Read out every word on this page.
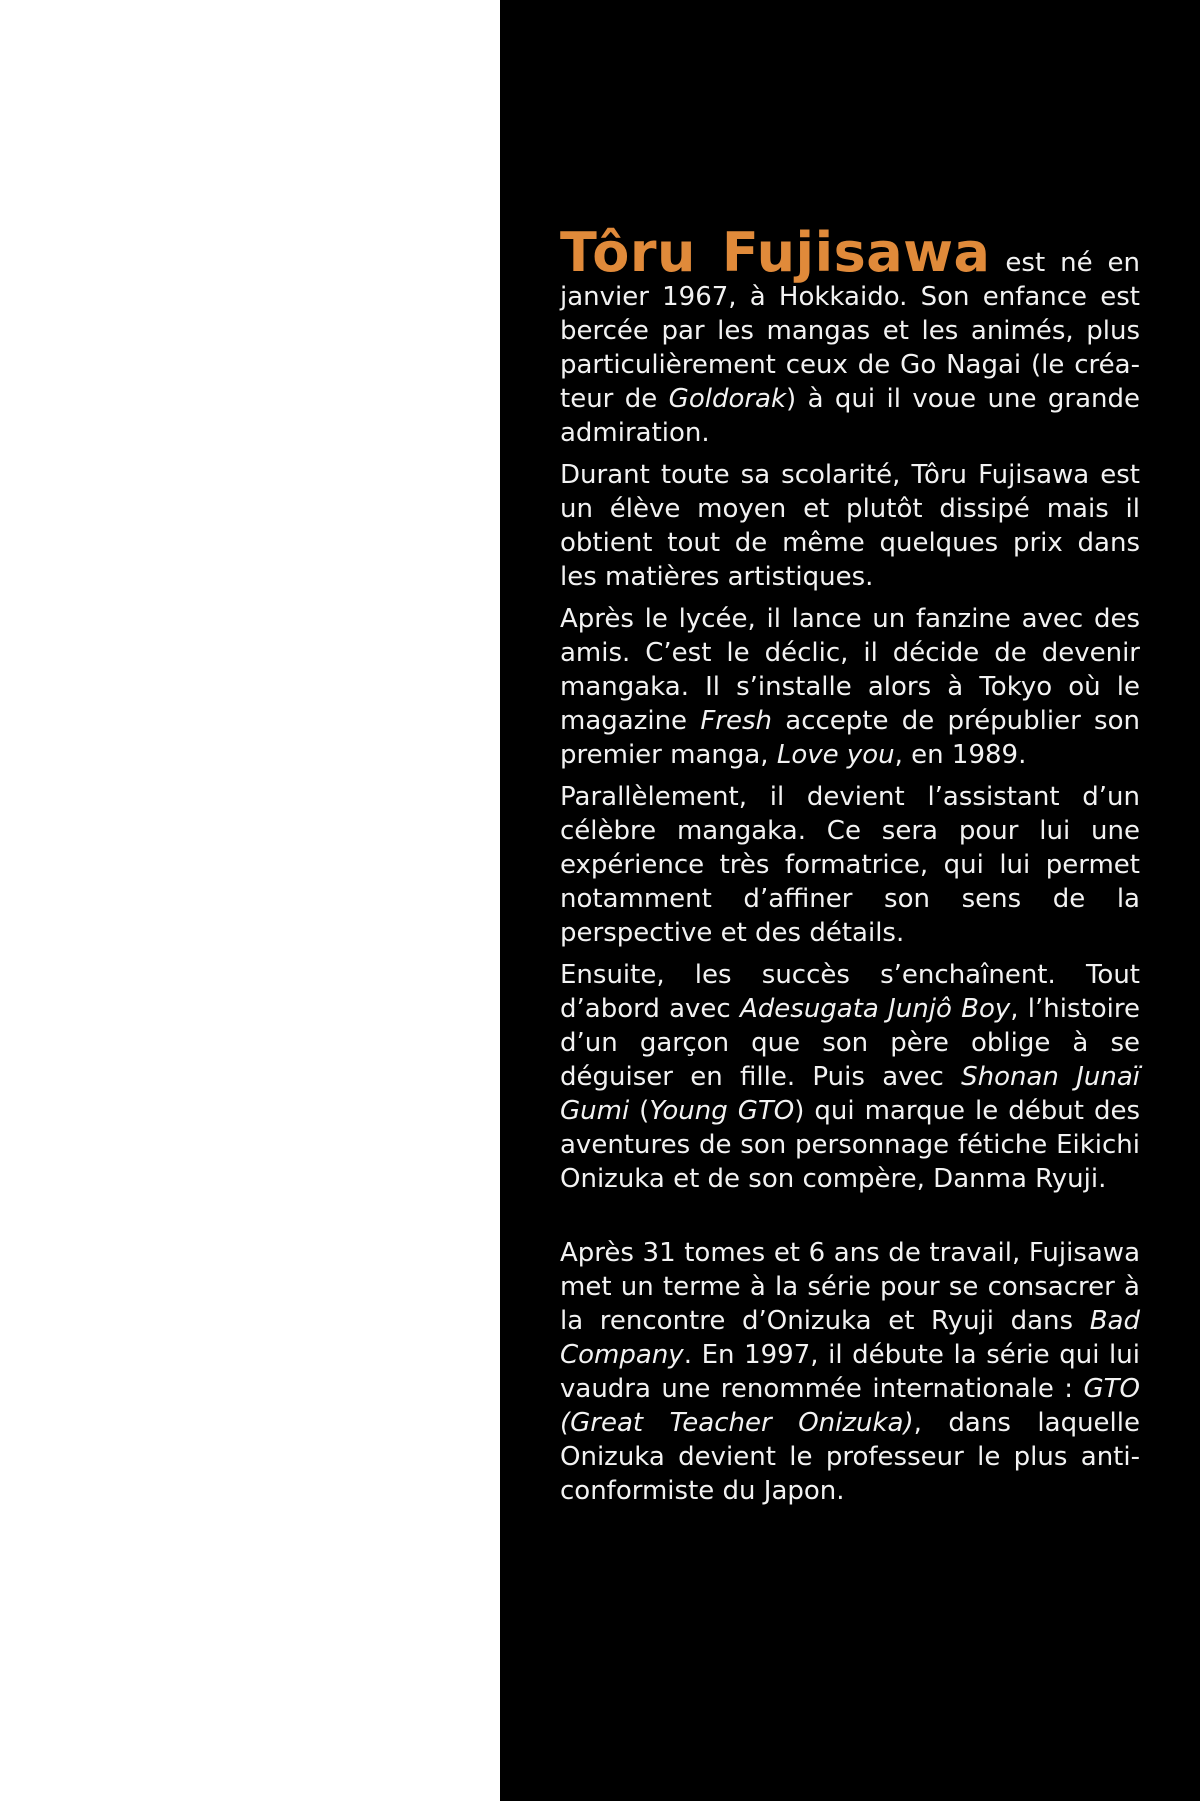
Tôru Fujisawa est né en janvier 1967, à Hokkaido. Son enfance est bercée par les mangas et les animés, plus particulièrement ceux de Go Nagai (le créateur de Goldorak) à qui il voue une grande admiration.

Durant toute sa scolarité, Tôru Fujisawa est un élève moyen et plutôt dissipé mais il obtient tout de même quelques prix dans les matières artistiques.

Après le lycée, il lance un fanzine avec des amis. C’est le déclic, il décide de devenir mangaka. Il s’installe alors à Tokyo où le magazine Fresh accepte de prépublier son premier manga, Love you, en 1989.

Parallèlement, il devient l’assistant d’un célèbre mangaka. Ce sera pour lui une expérience très formatrice, qui lui permet notamment d’affiner son sens de la perspective et des détails.

Ensuite, les succès s’enchaînent. Tout d’abord avec Adesugata Junjô Boy, l’histoire d’un garçon que son père oblige à se déguiser en fille. Puis avec Shonan Junaï Gumi (Young GTO) qui marque le début des aventures de son personnage fétiche Eikichi Onizuka et de son compère, Danma Ryuji.

Après 31 tomes et 6 ans de travail, Fujisawa met un terme à la série pour se consacrer à la rencontre d’Onizuka et Ryuji dans Bad Company. En 1997, il débute la série qui lui vaudra une renommée internationale : GTO (Great Teacher Onizuka), dans laquelle Onizuka devient le professeur le plus anticonformiste du Japon.
